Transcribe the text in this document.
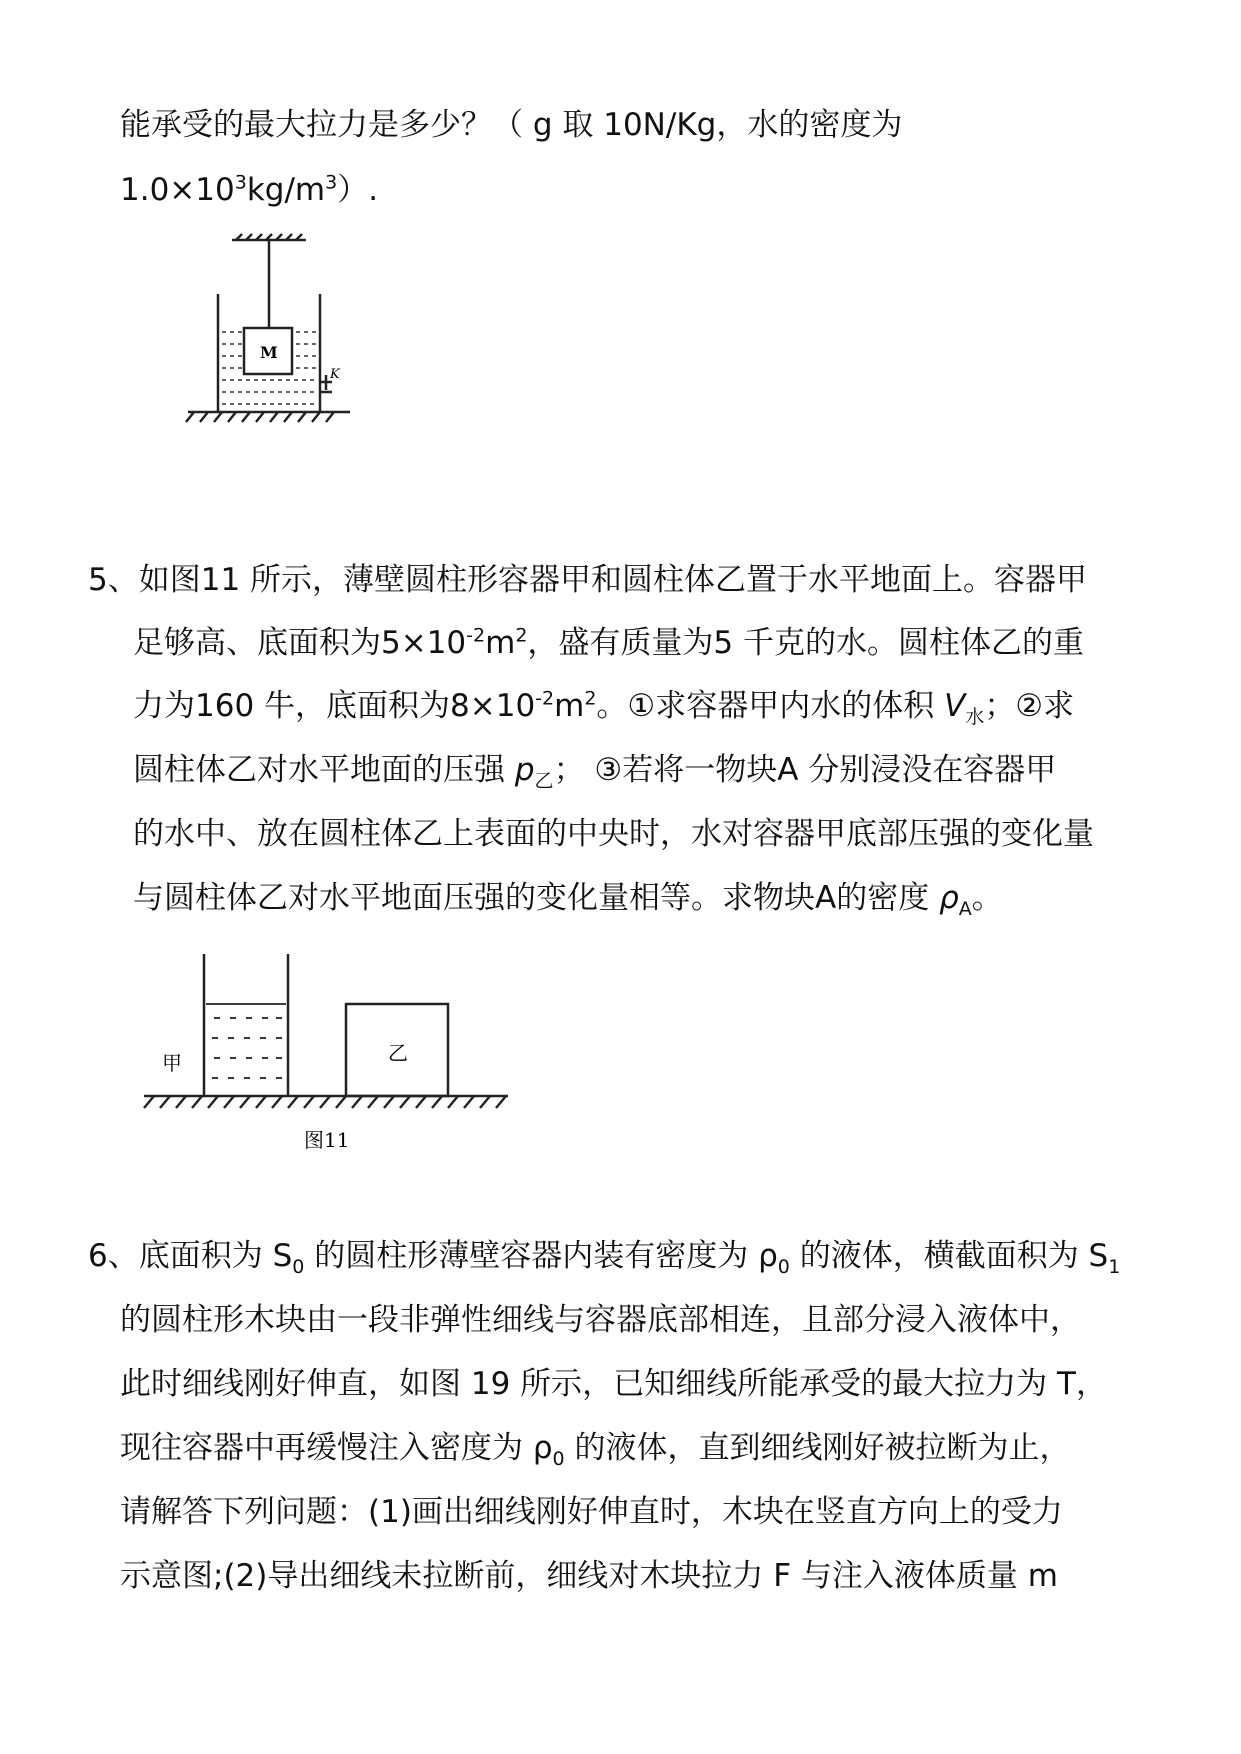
能承受的最大拉力是多少？（ g 取 10N/Kg，水的密度为
$1.0\times 10^3kg/m^3$）.
M
K
5、如图11 所示，薄壁圆柱形容器甲和圆柱体乙置于水平地面上。容器甲
足够高、底面积为$5\times 10^{-2}m^2$，盛有质量为5 千克的水。圆柱体乙的重
力为160 牛，底面积为$8\times 10^{-2}m^2$。①求容器甲内水的体积 $V_水$；②求
圆柱体乙对水平地面的压强 $p_乙$； ③若将一物块A 分别浸没在容器甲
的水中、放在圆柱体乙上表面的中央时，水对容器甲底部压强的变化量
与圆柱体乙对水平地面压强的变化量相等。求物块A的密度 $\rho_A$。
甲	乙
图11
6、底面积为 $S_0$ 的圆柱形薄壁容器内装有密度为 $\rho_0$ 的液体，横截面积为 $S_1$
的圆柱形木块由一段非弹性细线与容器底部相连，且部分浸入液体中，
此时细线刚好伸直，如图 19 所示，已知细线所能承受的最大拉力为 T，
现往容器中再缓慢注入密度为 $\rho_0$ 的液体，直到细线刚好被拉断为止，
请解答下列问题：(1)画出细线刚好伸直时，木块在竖直方向上的受力
示意图;(2)导出细线未拉断前，细线对木块拉力 F 与注入液体质量 m
